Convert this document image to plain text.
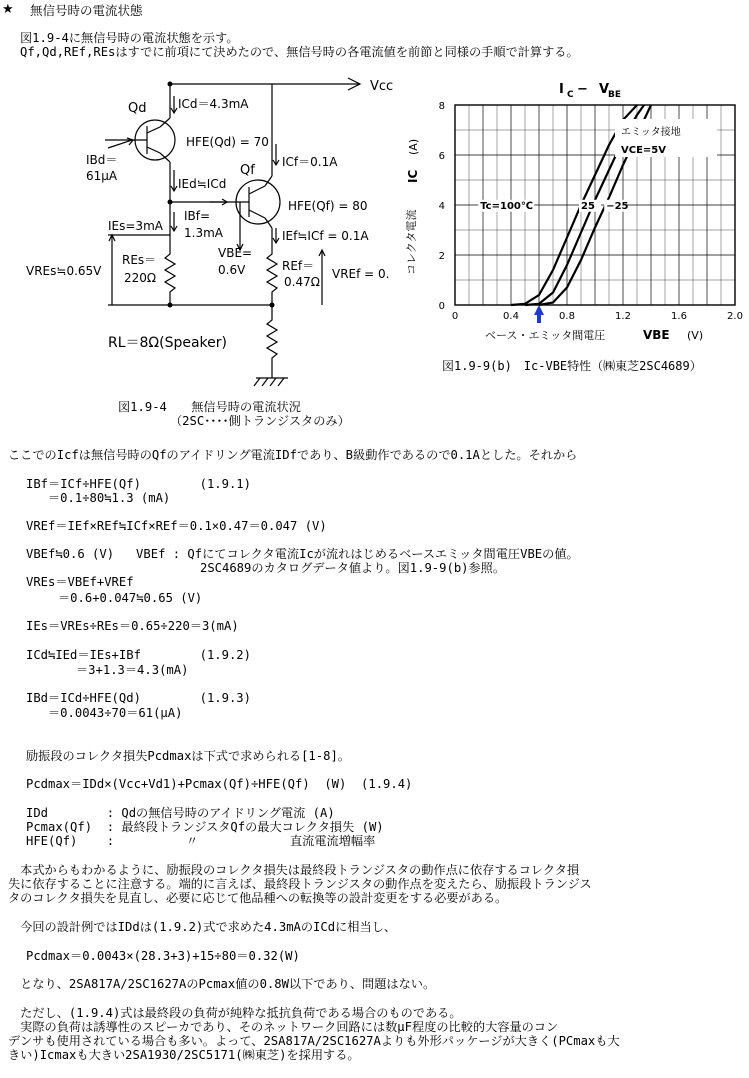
★ 無信号時の電流状態
図1.9-4に無信号時の電流状態を示す。
Qf,Qd,REf,REsはすでに前項にて決めたので、無信号時の各電流値を前節と同様の手順で計算する。
Vcc
Qd	ICd＝4.3mA
HFE(Qd) = 70
IBd＝
61μA	Qf
ICf＝0.1A
IEd≒ICd
IBf=
1.3mA
HFE(Qf) = 80
IEs=3mA
IEf≒ICf = 0.1A
VBE=
0.6V
VREs≒0.65V
REs＝
220Ω
REf＝
0.47Ω
VREf = 0.
RL＝8Ω(Speaker)
図1.9-4　　無信号時の電流状況
（2SC････側トランジスタのみ）
I C − V
BE
コレクタ電流
IC
(A)
0
2
4
6
8
0	0.4	0.8	1.2	1.6	2.0
Tc=100℃	25 −25
エミッタ接地
VCE=5V
ベース・エミッタ間電圧	VBE (V)
図1.9-9(b)　Ic-VBE特性（㈱東芝2SC4689）
ここでのIcfは無信号時のQfのアイドリング電流IDfであり、B級動作であるので0.1Aとした。それから
IBf＝ICf÷HFE(Qf)        (1.9.1)
＝0.1÷80≒1.3 (mA)
VREf＝IEf×REf≒ICf×REf＝0.1×0.47＝0.047 (V)
VBEf≒0.6 (V)   VBEf : Qfにてコレクタ電流Icが流れはじめるベースエミッタ間電圧VBEの値。
2SC4689のカタログデータ値より。図1.9-9(b)参照。
VREs＝VBEf+VREf
＝0.6+0.047≒0.65 (V)
IEs＝VREs÷REs＝0.65÷220＝3(mA)
ICd≒IEd＝IEs+IBf        (1.9.2)
＝3+1.3＝4.3(mA)
IBd＝ICd÷HFE(Qd)        (1.9.3)
＝0.0043÷70＝61(μA)
励振段のコレクタ損失Pcdmaxは下式で求められる[1-8]。
Pcdmax＝IDd×(Vcc+Vd1)+Pcmax(Qf)÷HFE(Qf)  (W)  (1.9.4)
IDd        : Qdの無信号時のアイドリング電流 (A)
Pcmax(Qf)  : 最終段トランジスタQfの最大コレクタ損失 (W)
HFE(Qf)    :	〃	直流電流増幅率
　本式からもわかるように、励振段のコレクタ損失は最終段トランジスタの動作点に依存するコレクタ損
失に依存することに注意する。端的に言えば、最終段トランジスタの動作点を変えたら、励振段トランジス
タのコレクタ損失を見直し、必要に応じて他品種への転換等の設計変更をする必要がある。
　今回の設計例ではIDdは(1.9.2)式で求めた4.3mAのICdに相当し、
Pcdmax＝0.0043×(28.3+3)+15÷80＝0.32(W)
　となり、2SA817A/2SC1627AのPcmax値の0.8W以下であり、問題はない。
　ただし、(1.9.4)式は最終段の負荷が純粋な抵抗負荷である場合のものである。
　実際の負荷は誘導性のスピーカであり、そのネットワーク回路には数μF程度の比較的大容量のコン
デンサも使用されている場合も多い。よって、2SA817A/2SC1627Aよりも外形パッケージが大きく(PCmaxも大
きい)Icmaxも大きい2SA1930/2SC5171(㈱東芝)を採用する。
